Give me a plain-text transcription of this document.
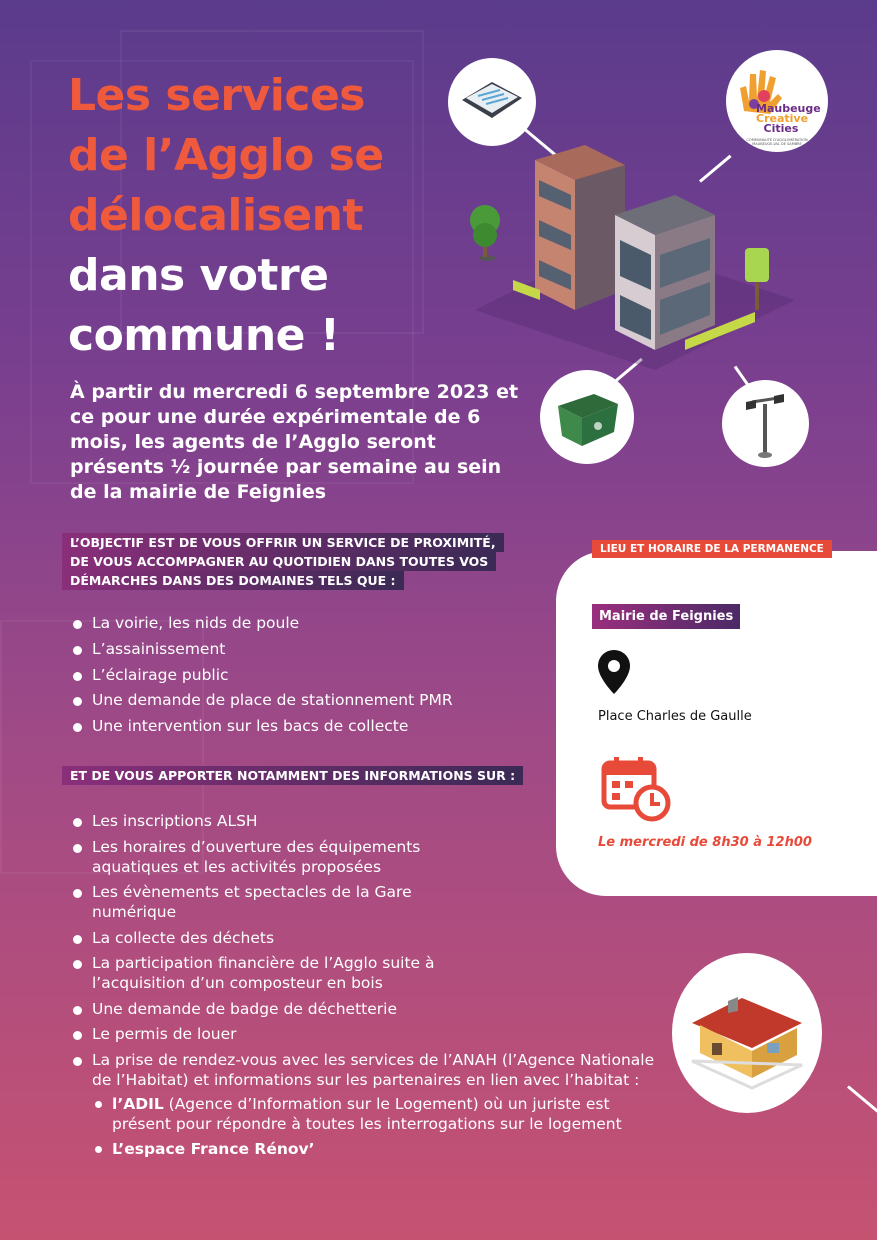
Les services
de l’Agglo se
délocalisent
dans votre
commune !

À partir du mercredi 6 septembre 2023 et ce pour une durée expérimentale de 6 mois, les agents de l’Agglo seront présents ½ journée par semaine au sein de la mairie de Feignies

L’OBJECTIF EST DE VOUS OFFRIR UN SERVICE DE PROXIMITÉ,
DE VOUS ACCOMPAGNER AU QUOTIDIEN DANS TOUTES VOS
DÉMARCHES DANS DES DOMAINES TELS QUE :
La voirie, les nids de poule
L’assainissement
L’éclairage public
Une demande de place de stationnement PMR
Une intervention sur les bacs de collecte
ET DE VOUS APPORTER NOTAMMENT DES INFORMATIONS SUR :
Les inscriptions ALSH
Les horaires d’ouverture des équipements aquatiques et les activités proposées
Les évènements et spectacles de la Gare numérique
La collecte des déchets
La participation financière de l’Agglo suite à l’acquisition d’un composteur en bois
Une demande de badge de déchetterie
Le permis de louer
La prise de rendez-vous avec les services de l’ANAH (l’Agence Nationale de l’Habitat) et informations sur les partenaires en lien avec l’habitat :
l’ADIL (Agence d’Information sur le Logement) où un juriste est présent pour répondre à toutes les interrogations sur le logement
L’espace France Rénov’
LIEU ET HORAIRE DE LA PERMANENCE
Mairie de Feignies
Place Charles de Gaulle
Le mercredi de 8h30 à 12h00
Maubeuge
Creative
Cities
COMMUNAUTÉ D’AGGLOMÉRATION
MAUBEUGE-VAL DE SAMBRE
